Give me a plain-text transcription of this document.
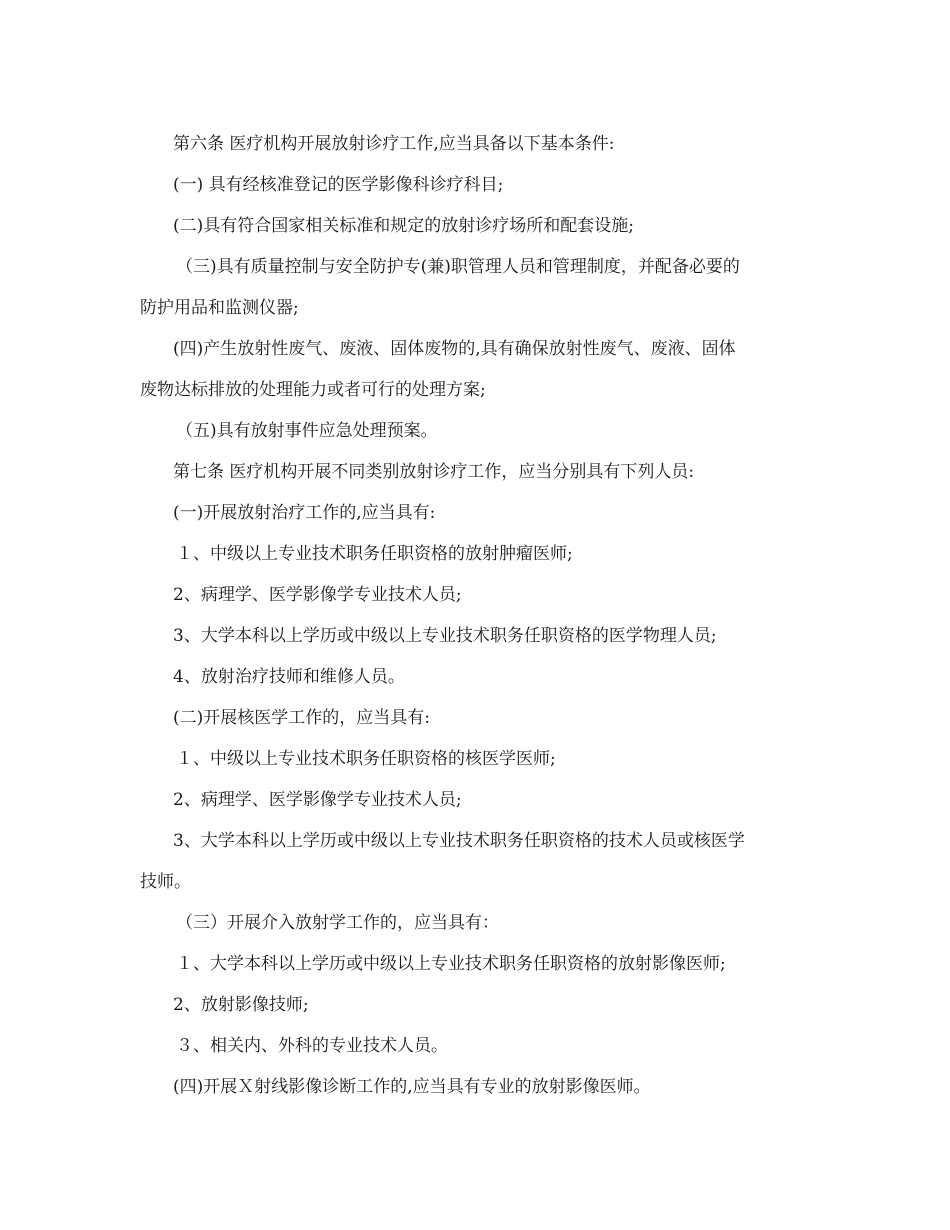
第六条 医疗机构开展放射诊疗工作,应当具备以下基本条件:
(一) 具有经核准登记的医学影像科诊疗科目;
(二)具有符合国家相关标准和规定的放射诊疗场所和配套设施;
（三)具有质量控制与安全防护专(兼)职管理人员和管理制度，并配备必要的
防护用品和监测仪器;
(四)产生放射性废气、废液、固体废物的,具有确保放射性废气、废液、固体
废物达标排放的处理能力或者可行的处理方案;
（五)具有放射事件应急处理预案。
第七条 医疗机构开展不同类别放射诊疗工作，应当分别具有下列人员:
(一)开展放射治疗工作的,应当具有:
１、中级以上专业技术职务任职资格的放射肿瘤医师;
2、病理学、医学影像学专业技术人员;
3、大学本科以上学历或中级以上专业技术职务任职资格的医学物理人员;
4、放射治疗技师和维修人员。
(二)开展核医学工作的，应当具有:
１、中级以上专业技术职务任职资格的核医学医师;
2、病理学、医学影像学专业技术人员;
3、大学本科以上学历或中级以上专业技术职务任职资格的技术人员或核医学
技师。
（三）开展介入放射学工作的，应当具有：
１、大学本科以上学历或中级以上专业技术职务任职资格的放射影像医师;
2、放射影像技师;
３、相关内、外科的专业技术人员。
(四)开展Ｘ射线影像诊断工作的,应当具有专业的放射影像医师。
